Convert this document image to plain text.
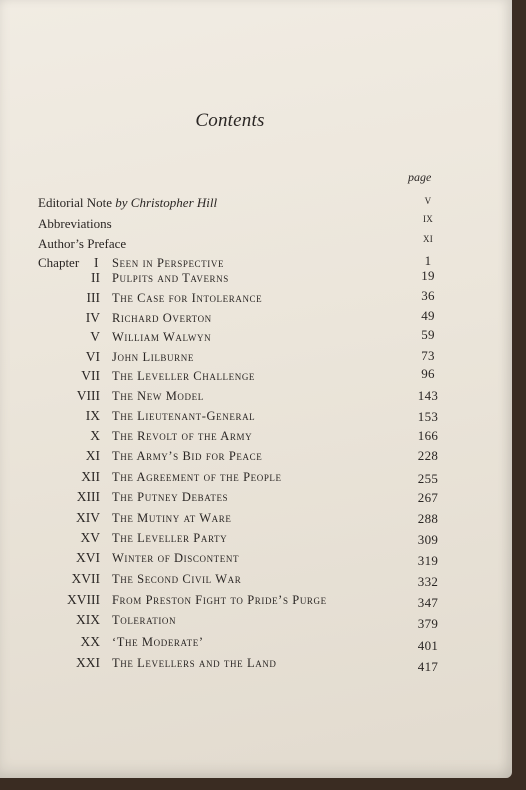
Contents
page
Editorial Note by Christopher Hill	v
Abbreviations	ix
Author’s Preface	xi
Chapter I Seen in Perspective	1
II Pulpits and Taverns	19
III The Case for Intolerance	36
IV Richard Overton	49
V William Walwyn	59
VI John Lilburne	73
VII The Leveller Challenge	96
VIII The New Model	143
IX The Lieutenant-General	153
X The Revolt of the Army	166
XI The Army’s Bid for Peace	228
XII The Agreement of the People	255
XIII The Putney Debates	267
XIV The Mutiny at Ware	288
XV The Leveller Party	309
XVI Winter of Discontent	319
XVII The Second Civil War	332
XVIII From Preston Fight to Pride’s Purge	347
XIX Toleration	379
XX ‘The Moderate’	401
XXI The Levellers and the Land	417
